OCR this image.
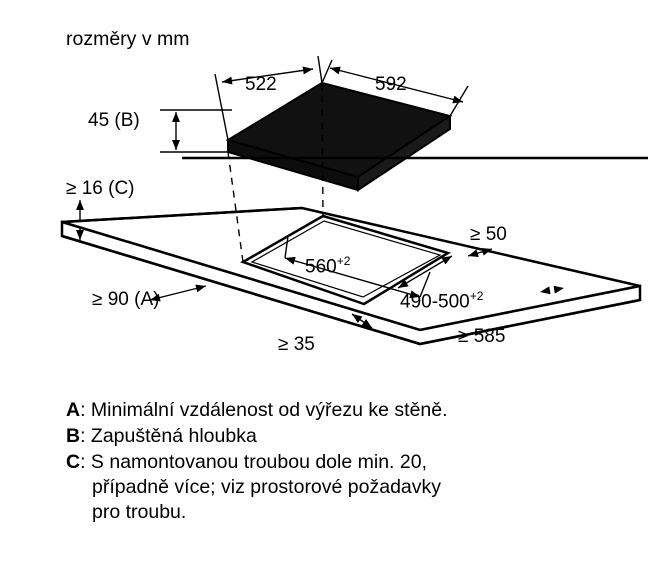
rozměry v mm
522	592
45 (B)
≥ 16 (C)
≥ 50
$560^{+2}$
$490-500^{+2}$
≥ 90 (A)
≥ 35	≥ 585
A: Minimální vzdálenost od výřezu ke stěně.
B: Zapuštěná hloubka
C: S namontovanou troubou dole min. 20,
případně více; viz prostorové požadavky
pro troubu.
